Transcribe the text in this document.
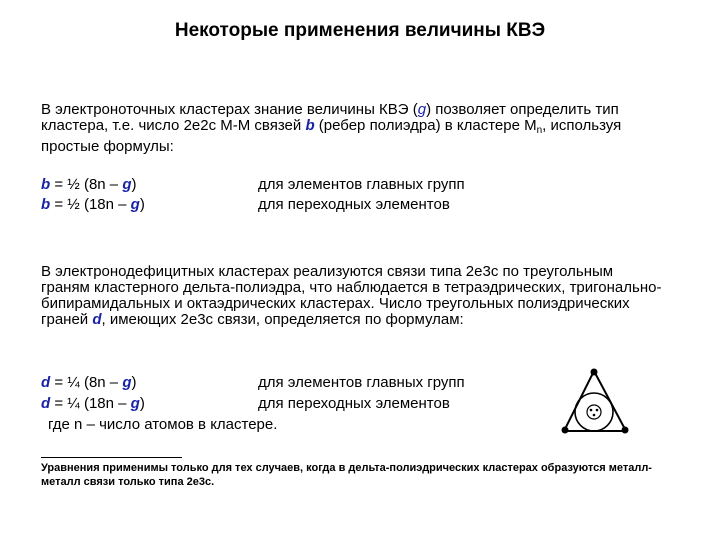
Некоторые применения величины КВЭ
В электроноточных кластерах знание величины КВЭ (g) позволяет определить тип кластера, т.е. число 2е2с М-М связей b (ребер полиэдра) в кластере $M_n$, используя простые формулы:
b = ½ (8n – g)	для элементов главных групп
b = ½ (18n – g)	для переходных элементов
В электронодефицитных кластерах реализуются связи типа 2е3с по треугольным граням кластерного дельта-полиэдра, что наблюдается в тетраэдрических, тригонально-бипирамидальных и октаэдрических кластерах. Число треугольных полиэдрических граней d, имеющих 2е3с связи, определяется по формулам:
d = ¼ (8n – g)	для элементов главных групп
d = ¼ (18n – g)	для переходных элементов
где n – число атомов в кластере.
Уравнения применимы только для тех случаев, когда в дельта-полиэдрических кластерах образуются металл-металл связи только типа 2е3с.
